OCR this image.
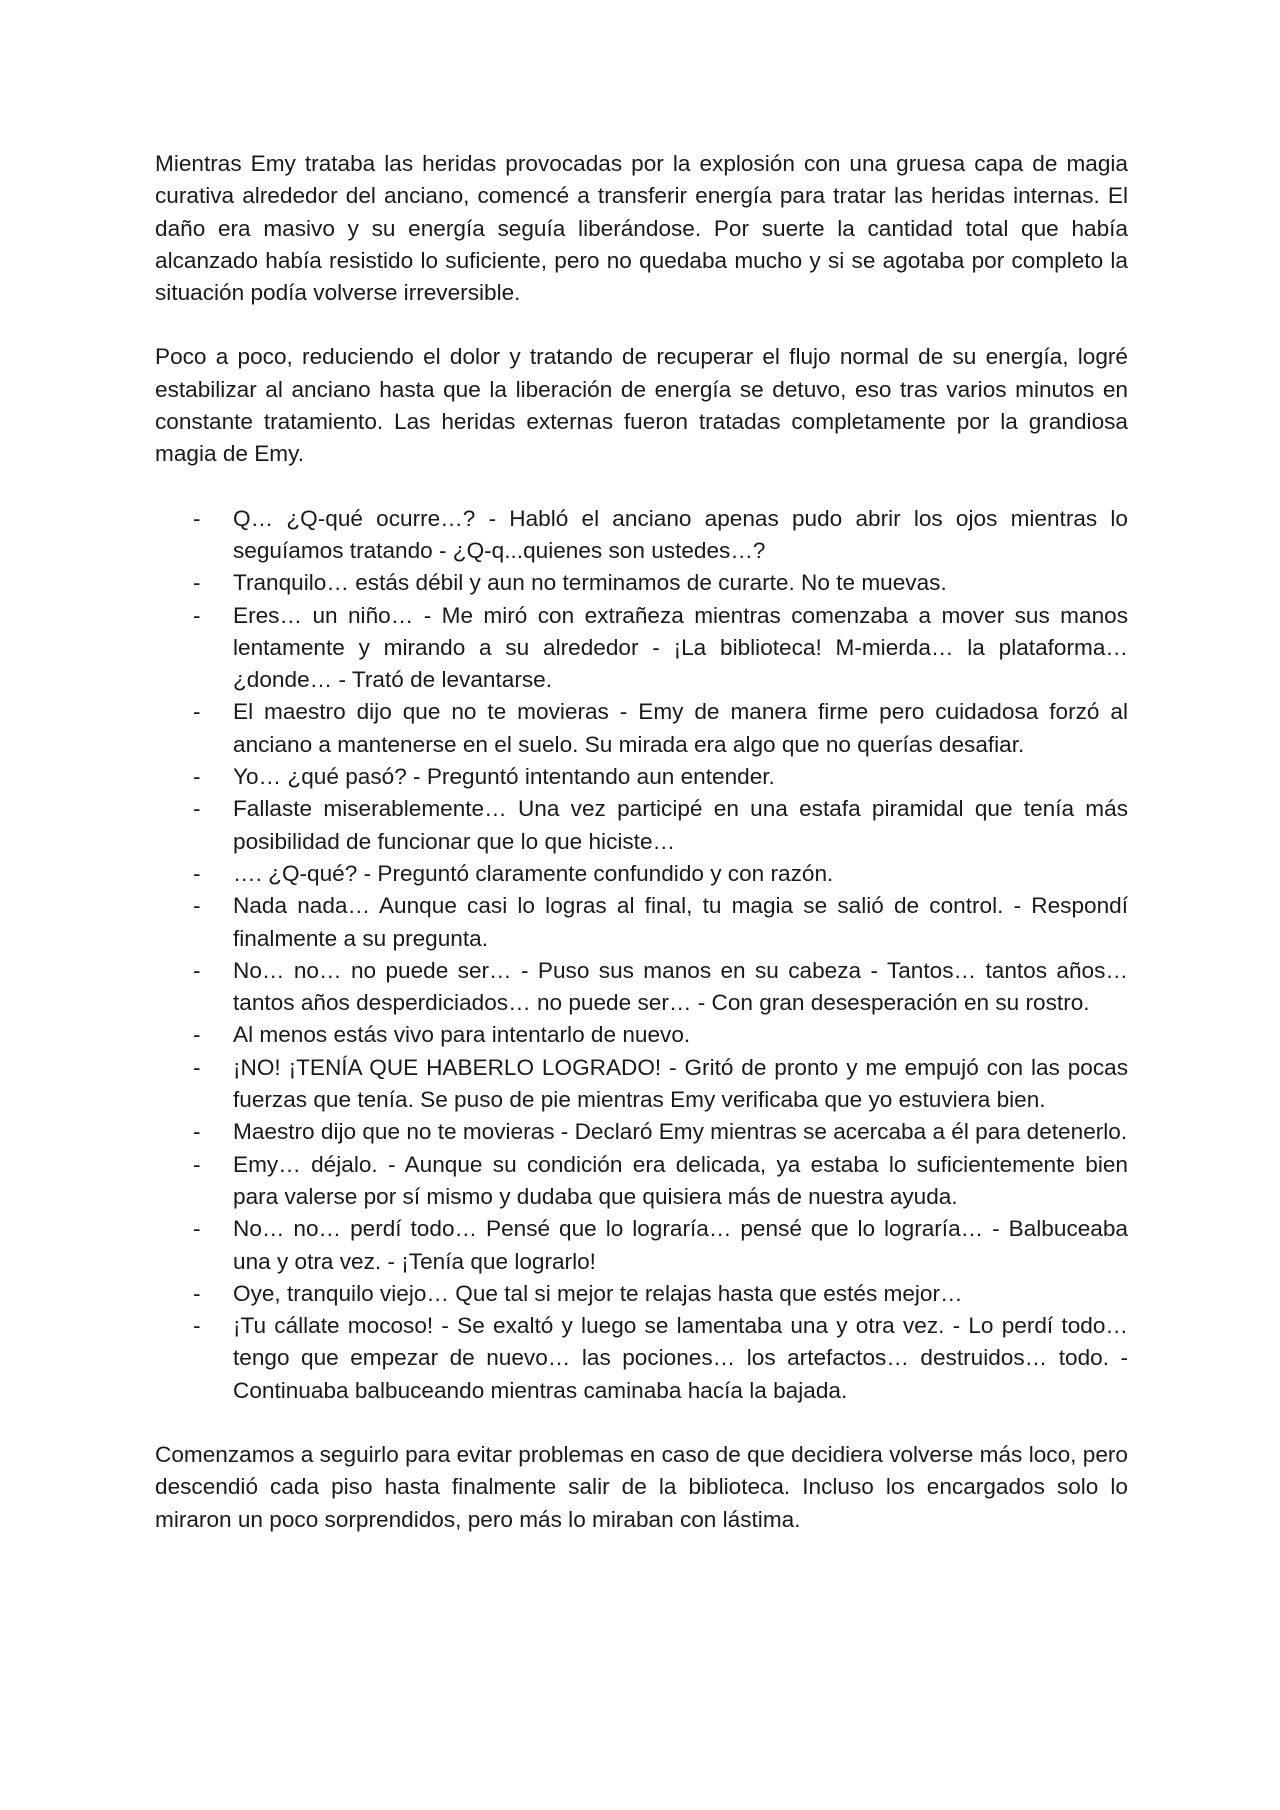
Mientras Emy trataba las heridas provocadas por la explosión con una gruesa capa de magia curativa alrededor del anciano, comencé a transferir energía para tratar las heridas internas. El daño era masivo y su energía seguía liberándose. Por suerte la cantidad total que había alcanzado había resistido lo suficiente, pero no quedaba mucho y si se agotaba por completo la situación podía volverse irreversible.

Poco a poco, reduciendo el dolor y tratando de recuperar el flujo normal de su energía, logré estabilizar al anciano hasta que la liberación de energía se detuvo, eso tras varios minutos en constante tratamiento. Las heridas externas fueron tratadas completamente por la grandiosa magia de Emy.

- Q… ¿Q-qué ocurre…? - Habló el anciano apenas pudo abrir los ojos mientras lo seguíamos tratando - ¿Q-q...quienes son ustedes…?
- Tranquilo… estás débil y aun no terminamos de curarte. No te muevas.
- Eres… un niño… - Me miró con extrañeza mientras comenzaba a mover sus manos lentamente y mirando a su alrededor - ¡La biblioteca! M-mierda… la plataforma… ¿donde… - Trató de levantarse.
- El maestro dijo que no te movieras - Emy de manera firme pero cuidadosa forzó al anciano a mantenerse en el suelo. Su mirada era algo que no querías desafiar.
- Yo… ¿qué pasó? - Preguntó intentando aun entender.
- Fallaste miserablemente… Una vez participé en una estafa piramidal que tenía más posibilidad de funcionar que lo que hiciste…
- …. ¿Q-qué? - Preguntó claramente confundido y con razón.
- Nada nada… Aunque casi lo logras al final, tu magia se salió de control. - Respondí finalmente a su pregunta.
- No… no… no puede ser… - Puso sus manos en su cabeza - Tantos… tantos años… tantos años desperdiciados… no puede ser… - Con gran desesperación en su rostro.
- Al menos estás vivo para intentarlo de nuevo.
- ¡NO! ¡TENÍA QUE HABERLO LOGRADO! - Gritó de pronto y me empujó con las pocas fuerzas que tenía. Se puso de pie mientras Emy verificaba que yo estuviera bien.
- Maestro dijo que no te movieras - Declaró Emy mientras se acercaba a él para detenerlo.
- Emy… déjalo. - Aunque su condición era delicada, ya estaba lo suficientemente bien para valerse por sí mismo y dudaba que quisiera más de nuestra ayuda.
- No… no… perdí todo… Pensé que lo lograría… pensé que lo lograría… - Balbuceaba una y otra vez. - ¡Tenía que lograrlo!
- Oye, tranquilo viejo… Que tal si mejor te relajas hasta que estés mejor…
- ¡Tu cállate mocoso! - Se exaltó y luego se lamentaba una y otra vez. - Lo perdí todo… tengo que empezar de nuevo… las pociones… los artefactos… destruidos… todo. - Continuaba balbuceando mientras caminaba hacía la bajada.

Comenzamos a seguirlo para evitar problemas en caso de que decidiera volverse más loco, pero descendió cada piso hasta finalmente salir de la biblioteca. Incluso los encargados solo lo miraron un poco sorprendidos, pero más lo miraban con lástima.
